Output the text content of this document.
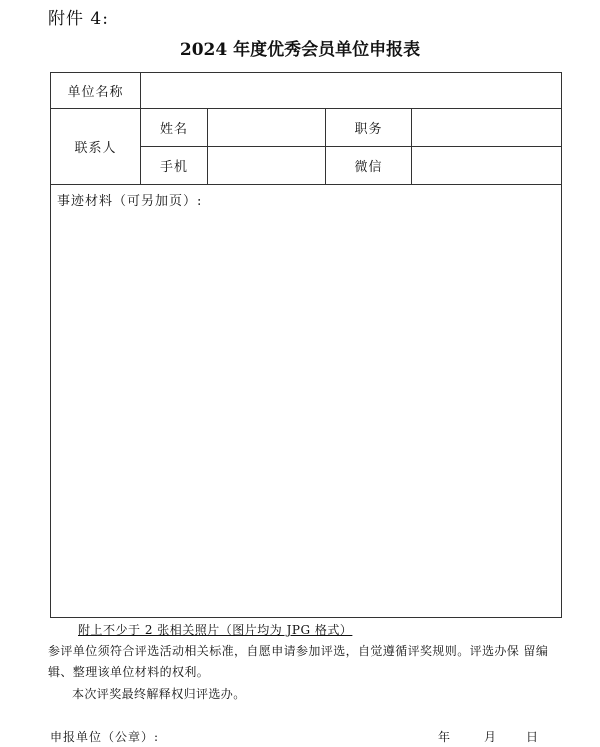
附件 4:
2024 年度优秀会员单位申报表
单位名称				
联系人	姓名		职务	
	手机		微信	
事迹材料（可另加页）:				
附上不少于 2 张相关照片（图片均为 JPG 格式）
参评单位须符合评选活动相关标准，自愿申请参加评选，自觉遵循评奖规则。评选办保 留编辑、整理该单位材料的权利。
本次评奖最终解释权归评选办。
申报单位（公章）:	年	月 日
